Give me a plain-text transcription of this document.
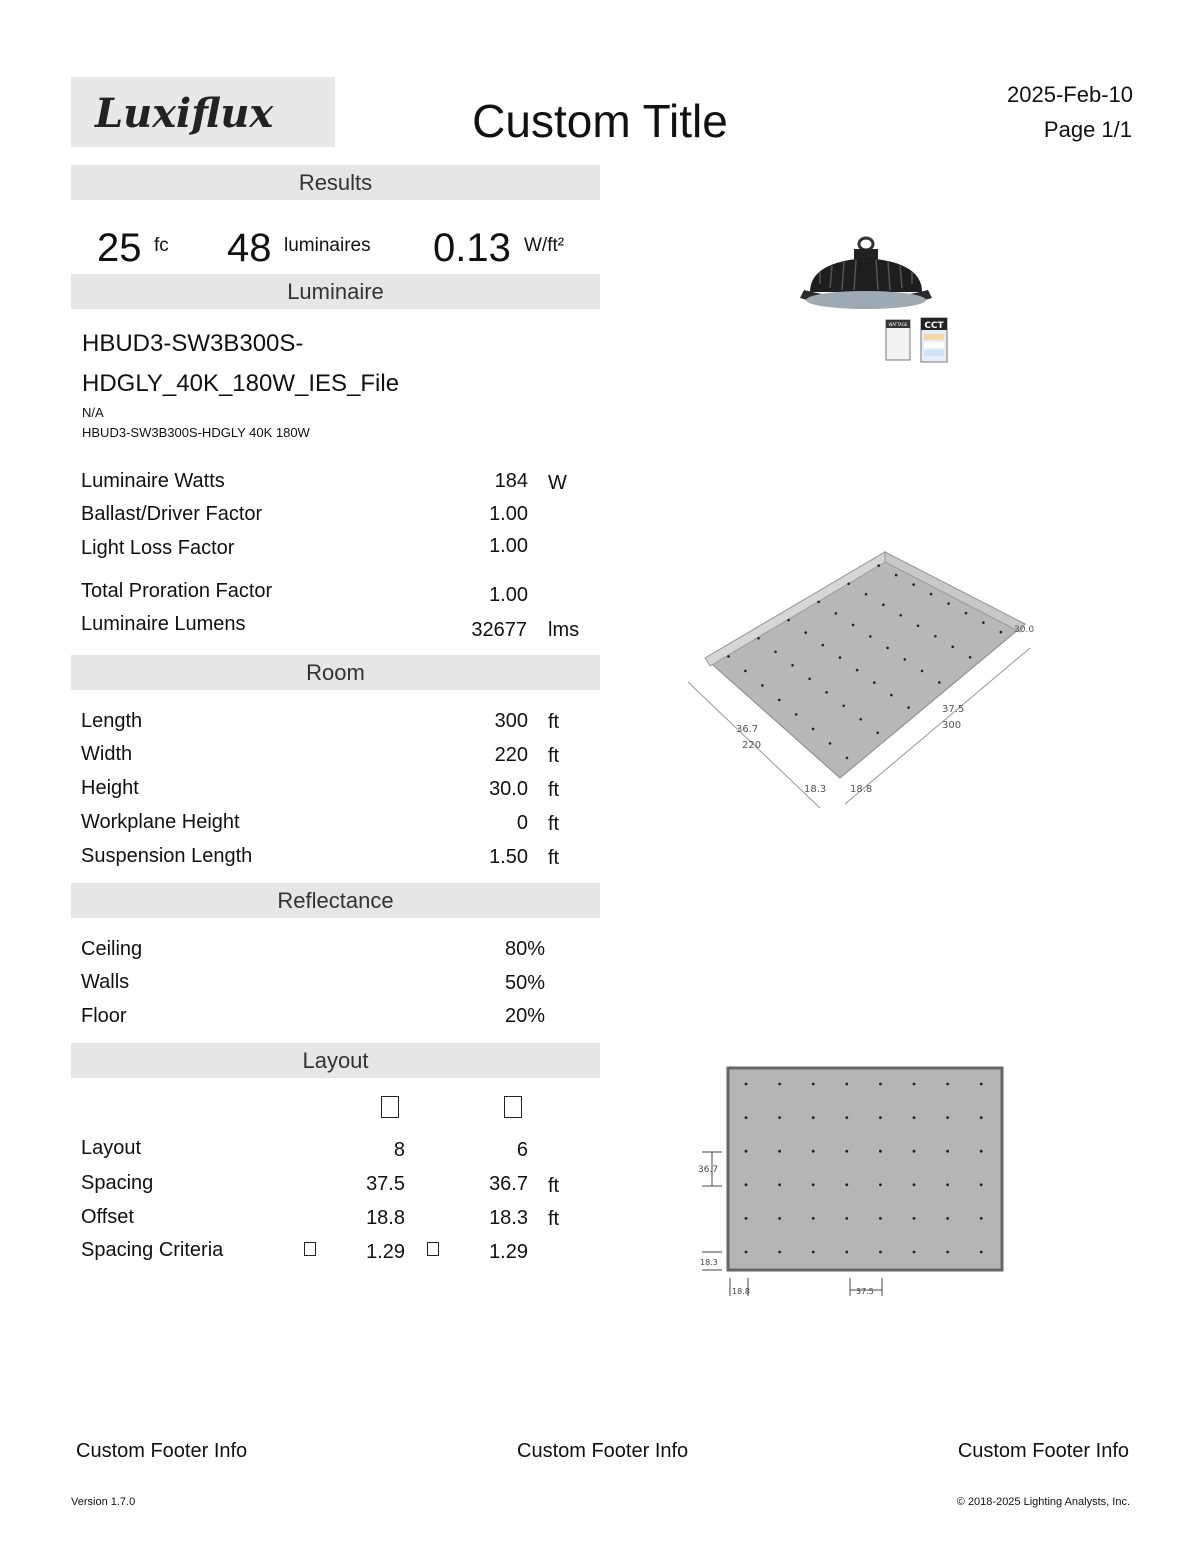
Luxiflux	Custom Title
2025-Feb-10
Page 1/1
Results
25 fc 48 luminaires 0.13 W/ft²
Luminaire
HBUD3-SW3B300S-
HDGLY_40K_180W_IES_File
N/A
HBUD3-SW3B300S-HDGLY 40K 180W
Luminaire Watts	184 W
Ballast/Driver Factor	1.00
Light Loss Factor	1.00
Total Proration Factor	1.00
Luminaire Lumens	32677 lms
Room
Length	300 ft
Width	220 ft
Height	30.0 ft
Workplane Height	0 ft
Suspension Length	1.50 ft
Reflectance
Ceiling	80%
Walls	50%
Floor	20%
Layout
Layout	8	6
Spacing	37.5	36.7 ft
Offset	18.8	18.3 ft
Spacing Criteria	1.29	1.29
WATTAGE CCT
36.7
220
37.5
300
18.3 18.8
30.0
36.7
18.3
18.8	37.5
Custom Footer Info	Custom Footer Info	Custom Footer Info
Version 1.7.0	© 2018-2025 Lighting Analysts, Inc.
